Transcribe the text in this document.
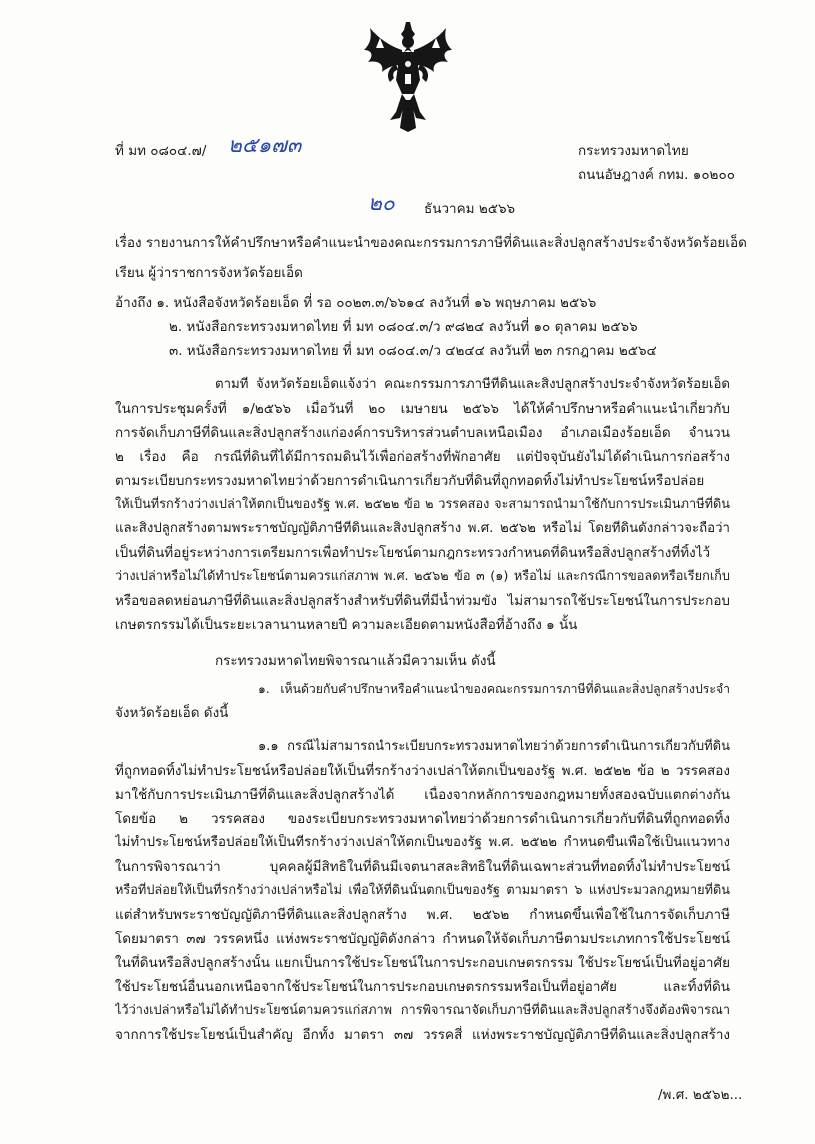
ที่ มท ๐๘๐๔.๗/ ๒๕๑๗๓	กระทรวงมหาดไทย
ถนนอัษฎางค์ กทม. ๑๐๒๐๐
๒๐ ธันวาคม ๒๕๖๖
เรื่อง รายงานการให้คำปรึกษาหรือคำแนะนำของคณะกรรมการภาษีที่ดินและสิ่งปลูกสร้างประจำจังหวัดร้อยเอ็ด
เรียน ผู้ว่าราชการจังหวัดร้อยเอ็ด
อ้างถึง ๑. หนังสือจังหวัดร้อยเอ็ด ที่ รอ ๐๐๒๓.๓/๖๖๑๔ ลงวันที่ ๑๖ พฤษภาคม ๒๕๖๖
๒. หนังสือกระทรวงมหาดไทย ที่ มท ๐๘๐๔.๓/ว ๙๘๒๔ ลงวันที่ ๑๐ ตุลาคม ๒๕๖๖
๓. หนังสือกระทรวงมหาดไทย ที่ มท ๐๘๐๔.๓/ว ๔๒๔๔ ลงวันที่ ๒๓ กรกฎาคม ๒๕๖๔
ตามที่ จังหวัดร้อยเอ็ดแจ้งว่า คณะกรรมการภาษีที่ดินและสิ่งปลูกสร้างประจำจังหวัดร้อยเอ็ด
ในการประชุมครั้งที่ ๑/๒๕๖๖ เมื่อวันที่ ๒๐ เมษายน ๒๕๖๖ ได้ให้คำปรึกษาหรือคำแนะนำเกี่ยวกับ
การจัดเก็บภาษีที่ดินและสิ่งปลูกสร้างแก่องค์การบริหารส่วนตำบลเหนือเมือง อำเภอเมืองร้อยเอ็ด จำนวน
๒ เรื่อง คือ กรณีที่ดินที่ได้มีการถมดินไว้เพื่อก่อสร้างที่พักอาศัย แต่ปัจจุบันยังไม่ได้ดำเนินการก่อสร้าง
ตามระเบียบกระทรวงมหาดไทยว่าด้วยการดำเนินการเกี่ยวกับที่ดินที่ถูกทอดทิ้งไม่ทำประโยชน์หรือปล่อย
ให้เป็นที่รกร้างว่างเปล่าให้ตกเป็นของรัฐ พ.ศ. ๒๕๒๒ ข้อ ๒ วรรคสอง จะสามารถนำมาใช้กับการประเมินภาษีที่ดิน
และสิ่งปลูกสร้างตามพระราชบัญญัติภาษีที่ดินและสิ่งปลูกสร้าง พ.ศ. ๒๕๖๒ หรือไม่ โดยที่ดินดังกล่าวจะถือว่า
เป็นที่ดินที่อยู่ระหว่างการเตรียมการเพื่อทำประโยชน์ตามกฎกระทรวงกำหนดที่ดินหรือสิ่งปลูกสร้างที่ทิ้งไว้
ว่างเปล่าหรือไม่ได้ทำประโยชน์ตามควรแก่สภาพ พ.ศ. ๒๕๖๒ ข้อ ๓ (๑) หรือไม่ และกรณีการขอลดหรือเรียกเก็บ
หรือขอลดหย่อนภาษีที่ดินและสิ่งปลูกสร้างสำหรับที่ดินที่มีน้ำท่วมขัง ไม่สามารถใช้ประโยชน์ในการประกอบ
เกษตรกรรมได้เป็นระยะเวลานานหลายปี ความละเอียดตามหนังสือที่อ้างถึง ๑ นั้น
กระทรวงมหาดไทยพิจารณาแล้วมีความเห็น ดังนี้
๑. เห็นด้วยกับคำปรึกษาหรือคำแนะนำของคณะกรรมการภาษีที่ดินและสิ่งปลูกสร้างประจำ
จังหวัดร้อยเอ็ด ดังนี้
๑.๑ กรณีไม่สามารถนำระเบียบกระทรวงมหาดไทยว่าด้วยการดำเนินการเกี่ยวกับที่ดิน
ที่ถูกทอดทิ้งไม่ทำประโยชน์หรือปล่อยให้เป็นที่รกร้างว่างเปล่าให้ตกเป็นของรัฐ พ.ศ. ๒๕๒๒ ข้อ ๒ วรรคสอง
มาใช้กับการประเมินภาษีที่ดินและสิ่งปลูกสร้างได้ เนื่องจากหลักการของกฎหมายทั้งสองฉบับแตกต่างกัน
โดยข้อ ๒ วรรคสอง ของระเบียบกระทรวงมหาดไทยว่าด้วยการดำเนินการเกี่ยวกับที่ดินที่ถูกทอดทิ้ง
ไม่ทำประโยชน์หรือปล่อยให้เป็นที่รกร้างว่างเปล่าให้ตกเป็นของรัฐ พ.ศ. ๒๕๒๒ กำหนดขึ้นเพื่อใช้เป็นแนวทาง
ในการพิจารณาว่า บุคคลผู้มีสิทธิในที่ดินมีเจตนาสละสิทธิในที่ดินเฉพาะส่วนที่ทอดทิ้งไม่ทำประโยชน์
หรือที่ปล่อยให้เป็นที่รกร้างว่างเปล่าหรือไม่ เพื่อให้ที่ดินนั้นตกเป็นของรัฐ ตามมาตรา ๖ แห่งประมวลกฎหมายที่ดิน
แต่สำหรับพระราชบัญญัติภาษีที่ดินและสิ่งปลูกสร้าง พ.ศ. ๒๕๖๒ กำหนดขึ้นเพื่อใช้ในการจัดเก็บภาษี
โดยมาตรา ๓๗ วรรคหนึ่ง แห่งพระราชบัญญัติดังกล่าว กำหนดให้จัดเก็บภาษีตามประเภทการใช้ประโยชน์
ในที่ดินหรือสิ่งปลูกสร้างนั้น แยกเป็นการใช้ประโยชน์ในการประกอบเกษตรกรรม ใช้ประโยชน์เป็นที่อยู่อาศัย
ใช้ประโยชน์อื่นนอกเหนือจากใช้ประโยชน์ในการประกอบเกษตรกรรมหรือเป็นที่อยู่อาศัย และทิ้งที่ดิน
ไว้ว่างเปล่าหรือไม่ได้ทำประโยชน์ตามควรแก่สภาพ การพิจารณาจัดเก็บภาษีที่ดินและสิ่งปลูกสร้างจึงต้องพิจารณา
จากการใช้ประโยชน์เป็นสำคัญ อีกทั้ง มาตรา ๓๗ วรรคสี่ แห่งพระราชบัญญัติภาษีที่ดินและสิ่งปลูกสร้าง
/พ.ศ. ๒๕๖๒...
